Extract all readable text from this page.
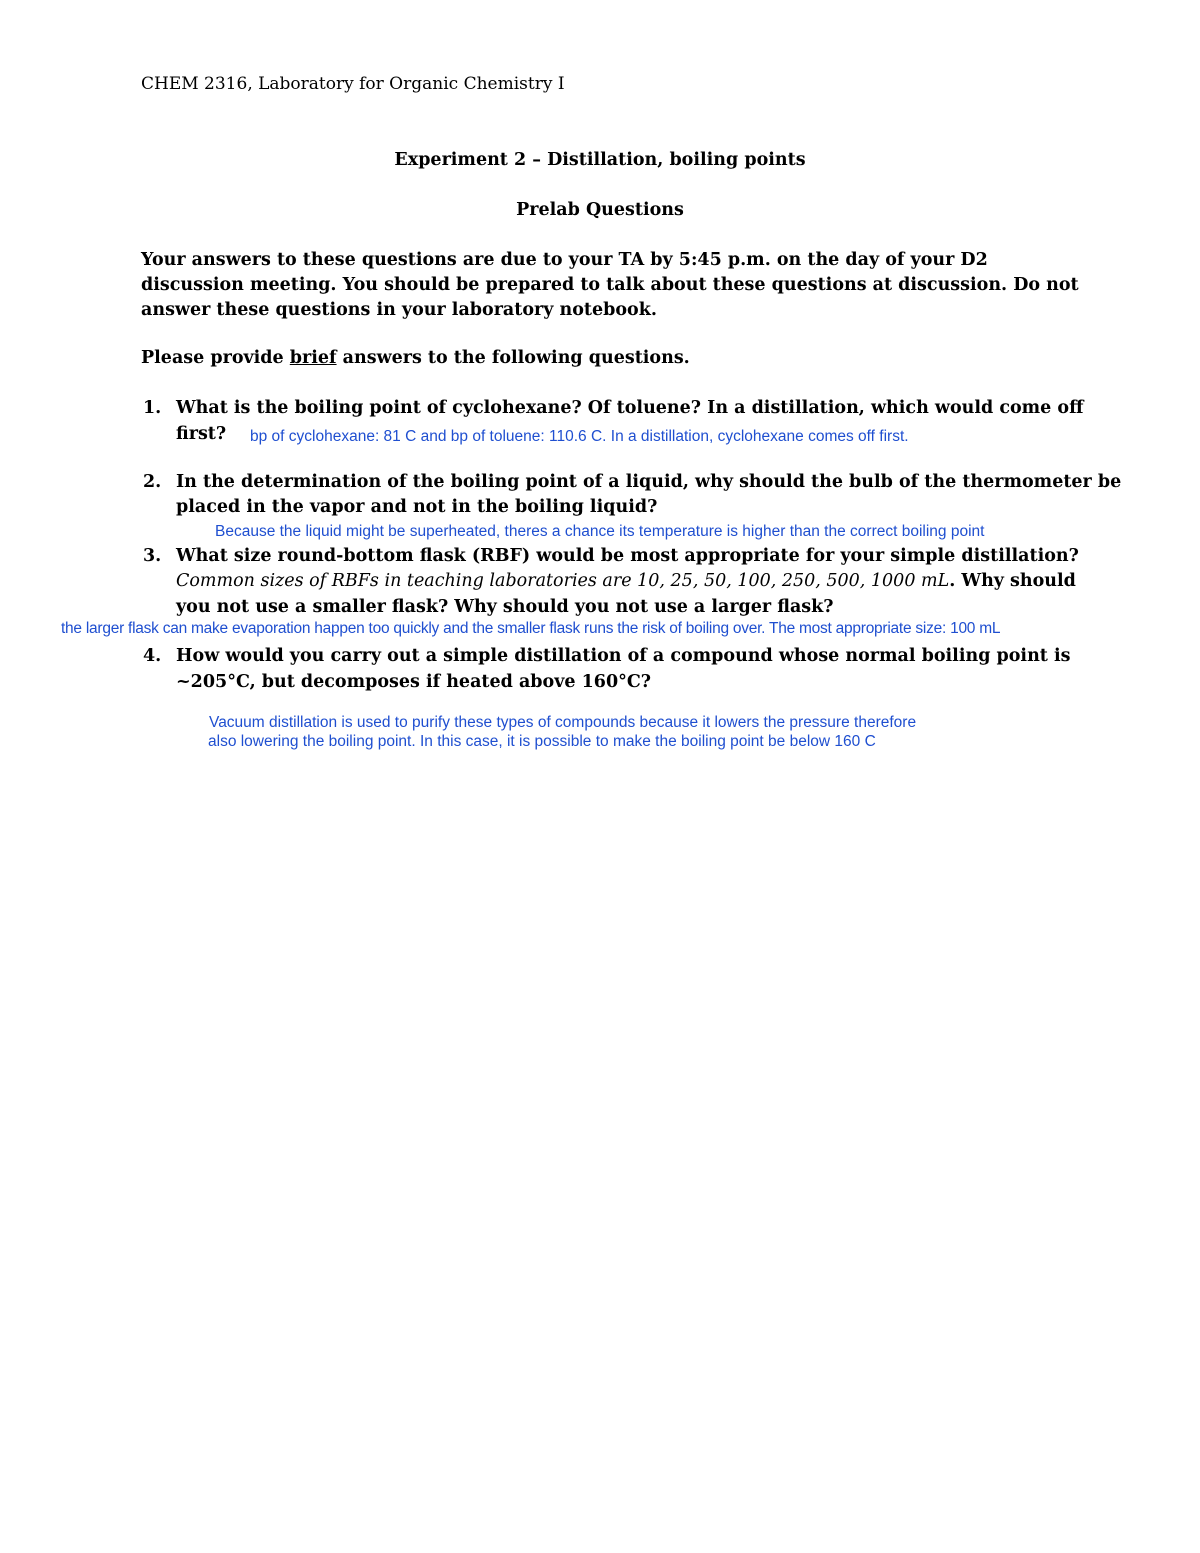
CHEM 2316, Laboratory for Organic Chemistry I
Experiment 2 – Distillation, boiling points
Prelab Questions
Your answers to these questions are due to your TA by 5:45 p.m. on the day of your D2
discussion meeting. You should be prepared to talk about these questions at discussion. Do not
answer these questions in your laboratory notebook.
Please provide brief answers to the following questions.
1. What is the boiling point of cyclohexane? Of toluene? In a distillation, which would come off
first? bp of cyclohexane: 81 C and bp of toluene: 110.6 C. In a distillation, cyclohexane comes off first.
2. In the determination of the boiling point of a liquid, why should the bulb of the thermometer be
placed in the vapor and not in the boiling liquid?
Because the liquid might be superheated, theres a chance its temperature is higher than the correct boiling point
3. What size round-bottom flask (RBF) would be most appropriate for your simple distillation?
Common sizes of RBFs in teaching laboratories are 10, 25, 50, 100, 250, 500, 1000 mL. Why should
you not use a smaller flask? Why should you not use a larger flask?
the larger flask can make evaporation happen too quickly and the smaller flask runs the risk of boiling over. The most appropriate size: 100 mL
4. How would you carry out a simple distillation of a compound whose normal boiling point is
~205°C, but decomposes if heated above 160°C?
Vacuum distillation is used to purify these types of compounds because it lowers the pressure therefore
also lowering the boiling point. In this case, it is possible to make the boiling point be below 160 C
